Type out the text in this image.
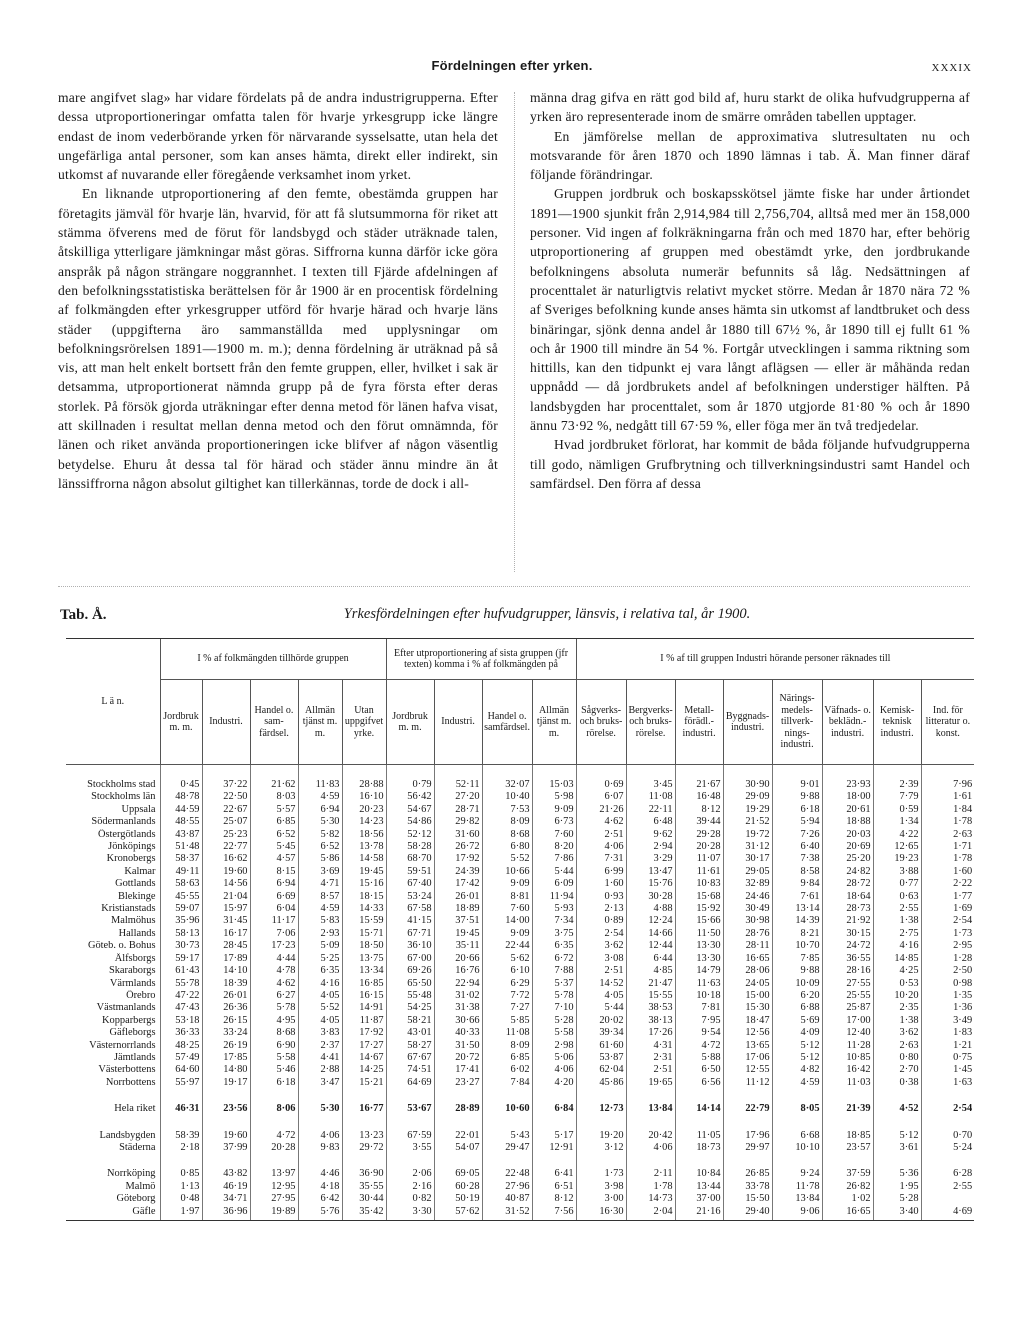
Fördelningen efter yrken.	XXXIX

mare angifvet slag» har vidare fördelats på de andra industrigrupperna. Efter dessa utproportioneringar omfatta talen för hvarje yrkesgrupp icke längre endast de inom vederbörande yrken för närvarande sysselsatte, utan hela det ungefärliga antal personer, som kan anses hämta, direkt eller indirekt, sin utkomst af nuvarande eller föregående verksamhet inom yrket.

En liknande utproportionering af den femte, obestämda gruppen har företagits jämväl för hvarje län, hvarvid, för att få slutsummorna för riket att stämma öfverens med de förut för landsbygd och städer uträknade talen, åtskilliga ytterligare jämkningar måst göras. Siffrorna kunna därför icke göra anspråk på någon strängare noggrannhet. I texten till Fjärde afdelningen af den befolkningsstatistiska berättelsen för år 1900 är en procentisk fördelning af folkmängden efter yrkesgrupper utförd för hvarje härad och hvarje läns städer (uppgifterna äro sammanställda med upplysningar om befolkningsrörelsen 1891—1900 m. m.); denna fördelning är uträknad på så vis, att man helt enkelt bortsett från den femte gruppen, eller, hvilket i sak är detsamma, utproportionerat nämnda grupp på de fyra första efter deras storlek. På försök gjorda uträkningar efter denna metod för länen hafva visat, att skillnaden i resultat mellan denna metod och den förut omnämnda, för länen och riket använda proportioneringen icke blifver af någon väsentlig betydelse. Ehuru åt dessa tal för härad och städer ännu mindre än åt länssiffrorna någon absolut giltighet kan tillerkännas, torde de dock i all-

männa drag gifva en rätt god bild af, huru starkt de olika hufvudgrupperna af yrken äro representerade inom de smärre områden tabellen upptager.

En jämförelse mellan de approximativa slutresultaten nu och motsvarande för åren 1870 och 1890 lämnas i tab. Ä. Man finner däraf följande förändringar.

Gruppen jordbruk och boskapsskötsel jämte fiske har under årtiondet 1891—1900 sjunkit från 2,914,984 till 2,756,704, alltså med mer än 158,000 personer. Vid ingen af folkräkningarna från och med 1870 har, efter behörig utproportionering af gruppen med obestämdt yrke, den jordbrukande befolkningens absoluta numerär befunnits så låg. Nedsättningen af procenttalet är naturligtvis relativt mycket större. Medan år 1870 nära 72 % af Sveriges befolkning kunde anses hämta sin utkomst af landtbruket och dess binäringar, sjönk denna andel år 1880 till 67½ %, år 1890 till ej fullt 61 % och år 1900 till mindre än 54 %. Fortgår utvecklingen i samma riktning som hittills, kan den tidpunkt ej vara långt aflägsen — eller är måhända redan uppnådd — då jordbrukets andel af befolkningen understiger hälften. På landsbygden har procenttalet, som år 1870 utgjorde 81·80 % och år 1890 ännu 73·92 %, nedgått till 67·59 %, eller föga mer än två tredjedelar.

Hvad jordbruket förlorat, har kommit de båda följande hufvudgrupperna till godo, nämligen Grufbrytning och tillverkningsindustri samt Handel och samfärdsel. Den förra af dessa

Tab. Å.	Yrkesfördelningen efter hufvudgrupper, länsvis, i relativa tal, år 1900.
L ä n.	I % af folkmängden tillhörde gruppen					Efter utproportionering af sista gruppen (jfr texten) komma i % af folkmängden på				I % af till gruppen Industri hörande personer räknades till							
	Jordbruk m. m.	Industri.	Handel o. samfärdsel.	Allmän tjänst m. m.	Utan uppgifvet yrke.	Jordbruk m. m.	Industri.	Handel o. samfärdsel.	Allmän tjänst m. m.	Sågverks- och bruksrörelse.	Bergverks- och bruksrörelse.	Metallförädl.-industri.	Byggnadsindustri.	Näringsmedelstillverkningsindustri.	Väfnads- o. beklädn.-industri.	Kemisk-teknisk industri.	Ind. för litteratur o. konst.
Stockholms stad	0·45	37·22	21·62	11·83	28·88	0·79	52·11	32·07	15·03	0·69	3·45	21·67	30·90	9·01	23·93	2·39	7·96
Stockholms län	48·78	22·50	8·03	4·59	16·10	56·42	27·20	10·40	5·98	6·07	11·08	16·48	29·09	9·88	18·00	7·79	1·61
Uppsala	44·59	22·67	5·57	6·94	20·23	54·67	28·71	7·53	9·09	21·26	22·11	8·12	19·29	6·18	20·61	0·59	1·84
Södermanlands	48·55	25·07	6·85	5·30	14·23	54·86	29·82	8·09	6·73	4·62	6·48	39·44	21·52	5·94	18·88	1·34	1·78
Östergötlands	43·87	25·23	6·52	5·82	18·56	52·12	31·60	8·68	7·60	2·51	9·62	29·28	19·72	7·26	20·03	4·22	2·63
Jönköpings	51·48	22·77	5·45	6·52	13·78	58·28	26·72	6·80	8·20	4·06	2·94	20·28	31·12	6·40	20·69	12·65	1·71
Kronobergs	58·37	16·62	4·57	5·86	14·58	68·70	17·92	5·52	7·86	7·31	3·29	11·07	30·17	7·38	25·20	19·23	1·78
Kalmar	49·11	19·60	8·15	3·69	19·45	59·51	24·39	10·66	5·44	6·99	13·47	11·61	29·05	8·58	24·82	3·88	1·60
Gottlands	58·63	14·56	6·94	4·71	15·16	67·40	17·42	9·09	6·09	1·60	15·76	10·83	32·89	9·84	28·72	0·77	2·22
Blekinge	45·55	21·04	6·69	8·57	18·15	53·24	26·01	8·81	11·94	0·93	30·28	15·68	24·46	7·61	18·64	0·63	1·77
Kristianstads	59·07	15·97	6·04	4·59	14·33	67·58	18·89	7·60	5·93	2·13	4·88	15·92	30·49	13·14	28·73	2·55	1·69
Malmöhus	35·96	31·45	11·17	5·83	15·59	41·15	37·51	14·00	7·34	0·89	12·24	15·66	30·98	14·39	21·92	1·38	2·54
Hallands	58·13	16·17	7·06	2·93	15·71	67·71	19·45	9·09	3·75	2·54	14·66	11·50	28·76	8·21	30·15	2·75	1·73
Göteb. o. Bohus	30·73	28·45	17·23	5·09	18·50	36·10	35·11	22·44	6·35	3·62	12·44	13·30	28·11	10·70	24·72	4·16	2·95
Älfsborgs	59·17	17·89	4·44	5·25	13·75	67·00	20·66	5·62	6·72	3·08	6·44	13·30	16·65	7·85	36·55	14·85	1·28
Skaraborgs	61·43	14·10	4·78	6·35	13·34	69·26	16·76	6·10	7·88	2·51	4·85	14·79	28·06	9·88	28·16	4·25	2·50
Värmlands	55·78	18·39	4·62	4·16	16·85	65·50	22·94	6·29	5·37	14·52	21·47	11·63	24·05	10·09	27·55	0·53	0·98
Örebro	47·22	26·01	6·27	4·05	16·15	55·48	31·02	7·72	5·78	4·05	15·55	10·18	15·00	6·20	25·55	10·20	1·35
Västmanlands	47·43	26·36	5·78	5·52	14·91	54·25	31·38	7·27	7·10	5·44	38·53	7·81	15·30	6·88	25·87	2·35	1·36
Kopparbergs	53·18	26·15	4·95	4·05	11·87	58·21	30·66	5·85	5·28	20·02	38·13	7·95	18·47	5·69	17·00	1·38	3·49
Gäfleborgs	36·33	33·24	8·68	3·83	17·92	43·01	40·33	11·08	5·58	39·34	17·26	9·54	12·56	4·09	12·40	3·62	1·83
Västernorrlands	48·25	26·19	6·90	2·37	17·27	58·27	31·50	8·09	2·98	61·60	4·31	4·72	13·65	5·12	11·28	2·63	1·21
Jämtlands	57·49	17·85	5·58	4·41	14·67	67·67	20·72	6·85	5·06	53·87	2·31	5·88	17·06	5·12	10·85	0·80	0·75
Västerbottens	64·60	14·80	5·46	2·88	14·25	74·51	17·41	6·02	4·06	62·04	2·51	6·50	12·55	4·82	16·42	2·70	1·45
Norrbottens	55·97	19·17	6·18	3·47	15·21	64·69	23·27	7·84	4·20	45·86	19·65	6·56	11·12	4·59	11·03	0·38	1·63
Hela riket	46·31	23·56	8·06	5·30	16·77	53·67	28·89	10·60	6·84	12·73	13·84	14·14	22·79	8·05	21·39	4·52	2·54
Landsbygden	58·39	19·60	4·72	4·06	13·23	67·59	22·01	5·43	5·17	19·20	20·42	11·05	17·96	6·68	18·85	5·12	0·70
Städerna	2·18	37·99	20·28	9·83	29·72	3·55	54·07	29·47	12·91	3·12	4·06	18·73	29·97	10·10	23·57	3·61	5·24
Norrköping	0·85	43·82	13·97	4·46	36·90	2·06	69·05	22·48	6·41	1·73	2·11	10·84	26·85	9·24	37·59	5·36	6·28
Malmö	1·13	46·19	12·95	4·18	35·55	2·16	60·28	27·96	6·51	3·98	1·78	13·44	33·78	11·78	26·82	1·95	2·55
Göteborg	0·48	34·71	27·95	6·42	30·44	0·82	50·19	40·87	8·12	3·00	14·73	37·00	15·50	13·84	1·02	5·28	
Gäfle	1·97	36·96	19·89	5·76	35·42	3·30	57·62	31·52	7·56	16·30	2·04	21·16	29·40	9·06	16·65	3·40	4·69
